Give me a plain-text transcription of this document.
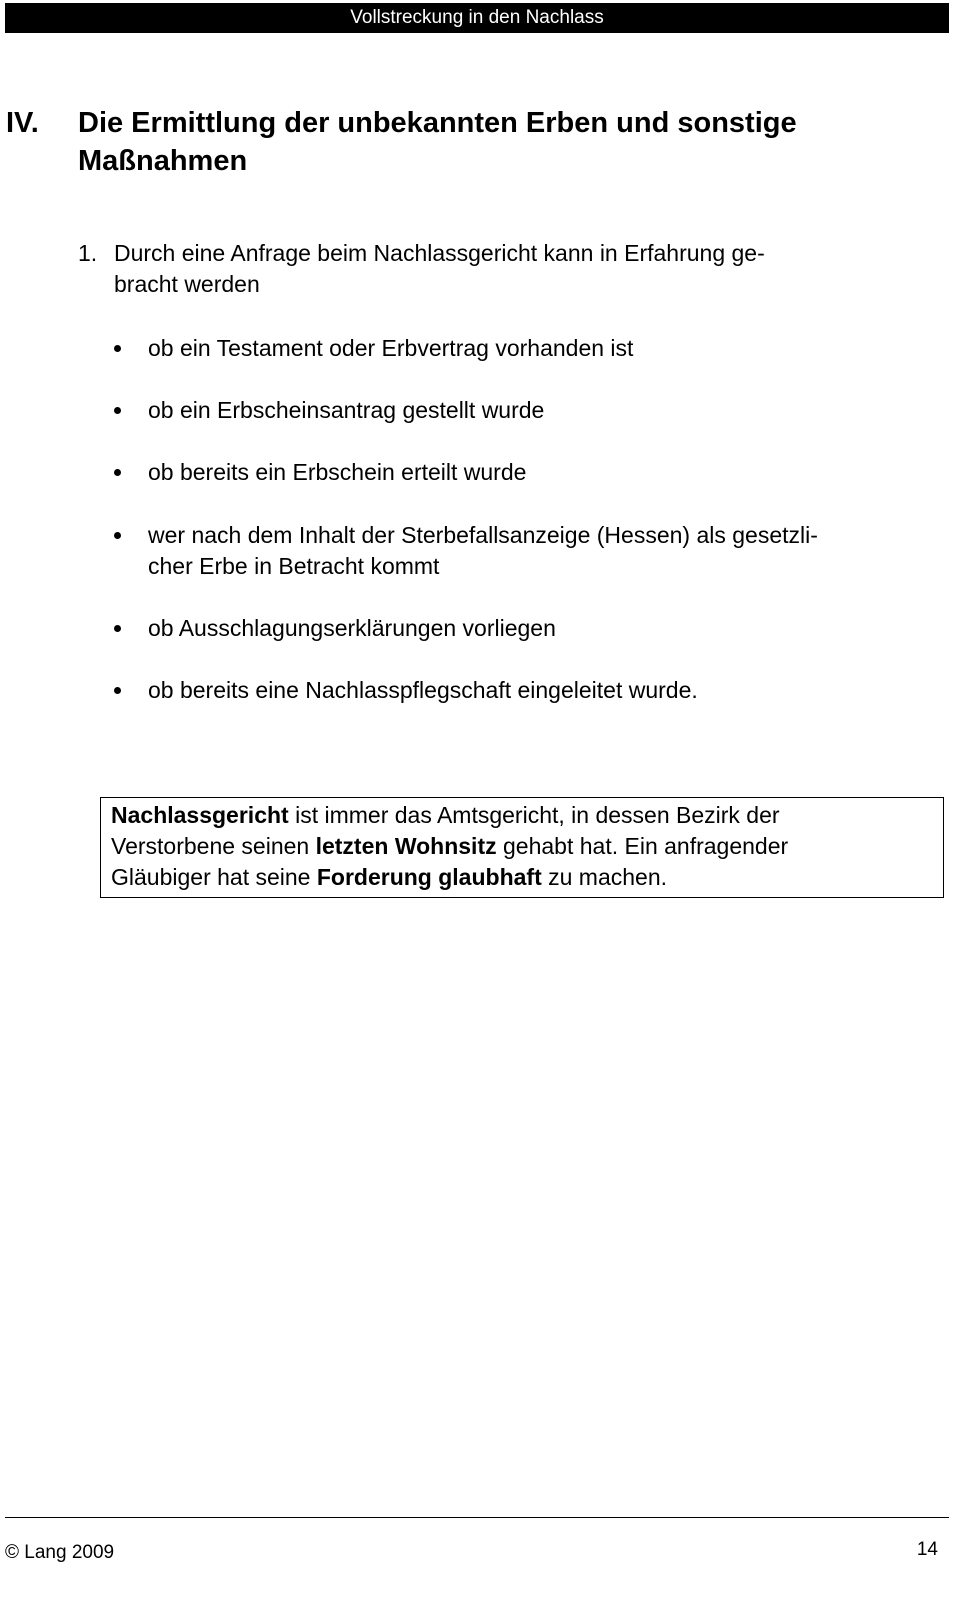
Vollstreckung in den Nachlass
IV. Die Ermittlung der unbekannten Erben und sonstige
Maßnahmen
1. Durch eine Anfrage beim Nachlassgericht kann in Erfahrung ge-
bracht werden
ob ein Testament oder Erbvertrag vorhanden ist
ob ein Erbscheinsantrag gestellt wurde
ob bereits ein Erbschein erteilt wurde
wer nach dem Inhalt der Sterbefallsanzeige (Hessen) als gesetzli-
cher Erbe in Betracht kommt
ob Ausschlagungserklärungen vorliegen
ob bereits eine Nachlasspflegschaft eingeleitet wurde.
Nachlassgericht ist immer das Amtsgericht, in dessen Bezirk der
Verstorbene seinen letzten Wohnsitz gehabt hat. Ein anfragender
Gläubiger hat seine Forderung glaubhaft zu machen.
© Lang 2009	14
